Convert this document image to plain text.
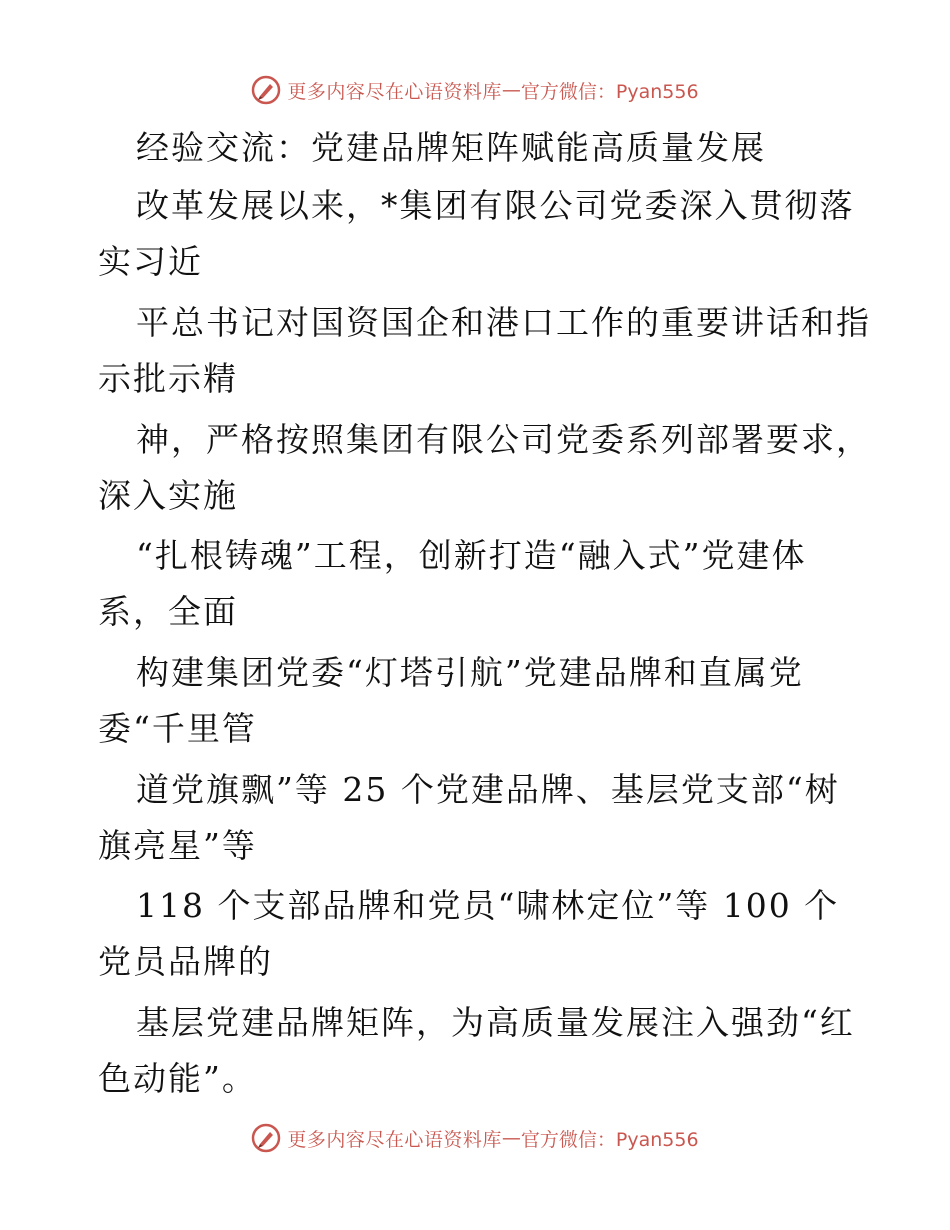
更多内容尽在心语资料库 — 官方微信：Pyan556
经验交流：党建品牌矩阵赋能高质量发展
改革发展以来，*集团有限公司党委深入贯彻落
实习近
平总书记对国资国企和港口工作的重要讲话和指
示批示精
神，严格按照集团有限公司党委系列部署要求，
深入实施
“扎根铸魂”工程，创新打造“融入式”党建体
系，全面
构建集团党委“灯塔引航”党建品牌和直属党
委“千里管
道党旗飘”等 25 个党建品牌、基层党支部“树
旗亮星”等
118 个支部品牌和党员“啸林定位”等 100 个
党员品牌的
基层党建品牌矩阵，为高质量发展注入强劲“红
色动能”。
更多内容尽在心语资料库 — 官方微信：Pyan556
